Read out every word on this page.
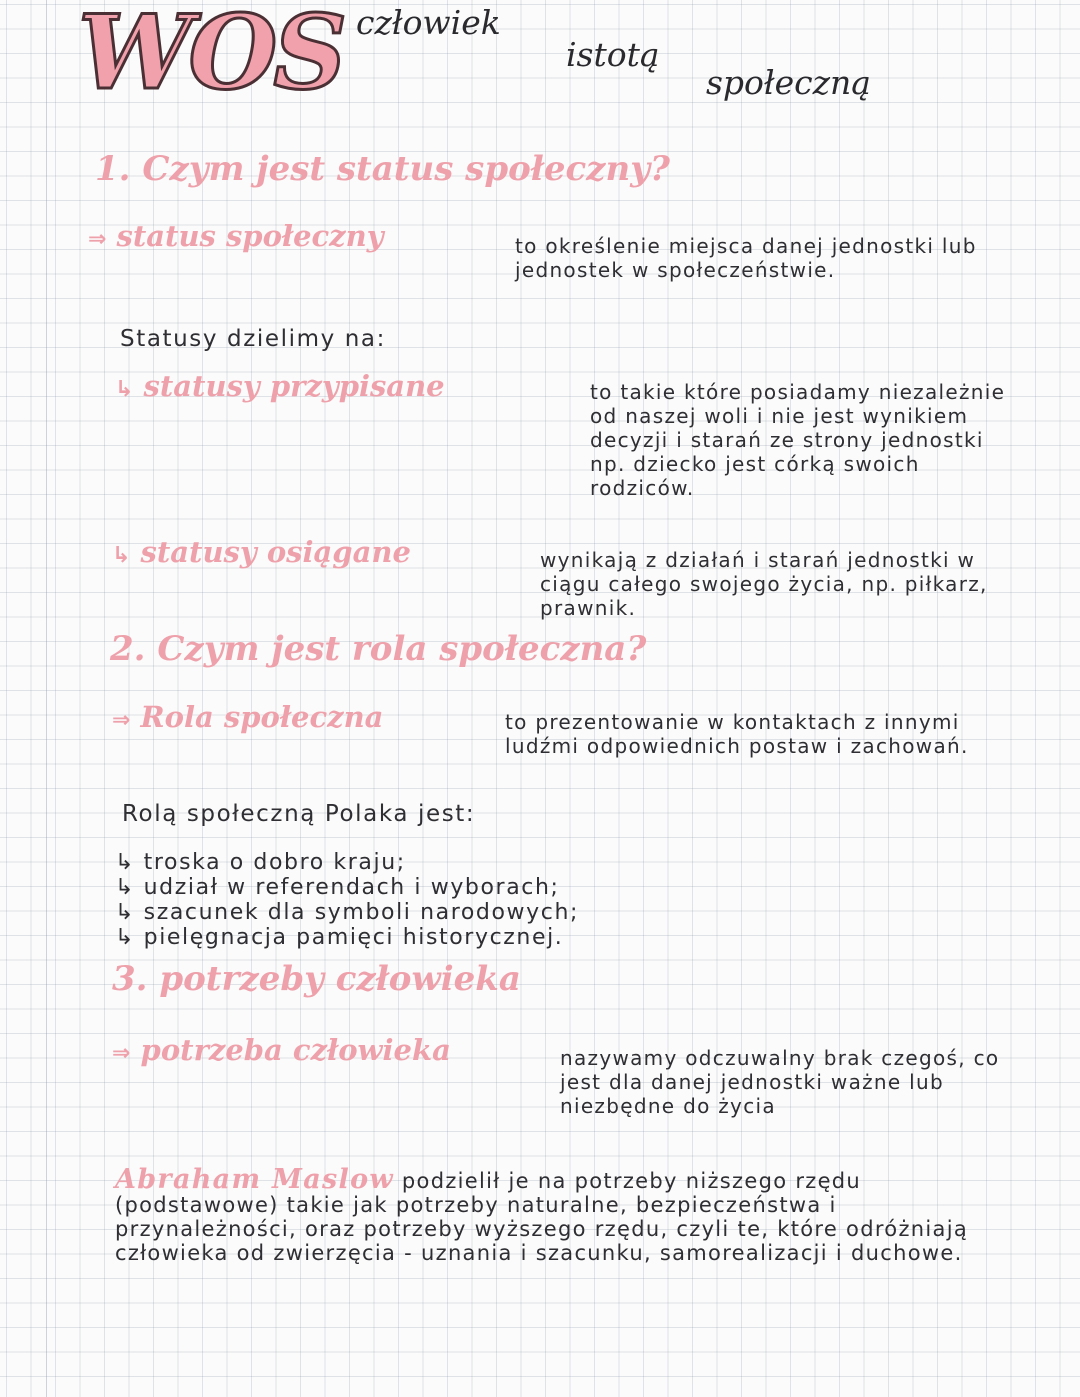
WOS człowiek
istotą
społeczną
1. Czym jest status społeczny?
⇒ status społeczny	to określenie miejsca danej jednostki lub jednostek w społeczeństwie.
Statusy dzielimy na:
↳ statusy przypisane	to takie które posiadamy niezależnie od naszej woli i nie jest wynikiem decyzji i starań ze strony jednostki np. dziecko jest córką swoich rodziców.
↳ statusy osiągane	wynikają z działań i starań jednostki w ciągu całego swojego życia, np. piłkarz, prawnik.
2. Czym jest rola społeczna?
⇒ Rola społeczna	to prezentowanie w kontaktach z innymi ludźmi odpowiednich postaw i zachowań.
Rolą społeczną Polaka jest:
↳ troska o dobro kraju;
↳ udział w referendach i wyborach;
↳ szacunek dla symboli narodowych;
↳ pielęgnacja pamięci historycznej.
3. potrzeby człowieka
⇒ potrzeba człowieka	nazywamy odczuwalny brak czegoś, co jest dla danej jednostki ważne lub niezbędne do życia
Abraham Maslow podzielił je na potrzeby niższego rzędu (podstawowe) takie jak potrzeby naturalne, bezpieczeństwa i przynależności, oraz potrzeby wyższego rzędu, czyli te, które odróżniają człowieka od zwierzęcia - uznania i szacunku, samorealizacji i duchowe.
